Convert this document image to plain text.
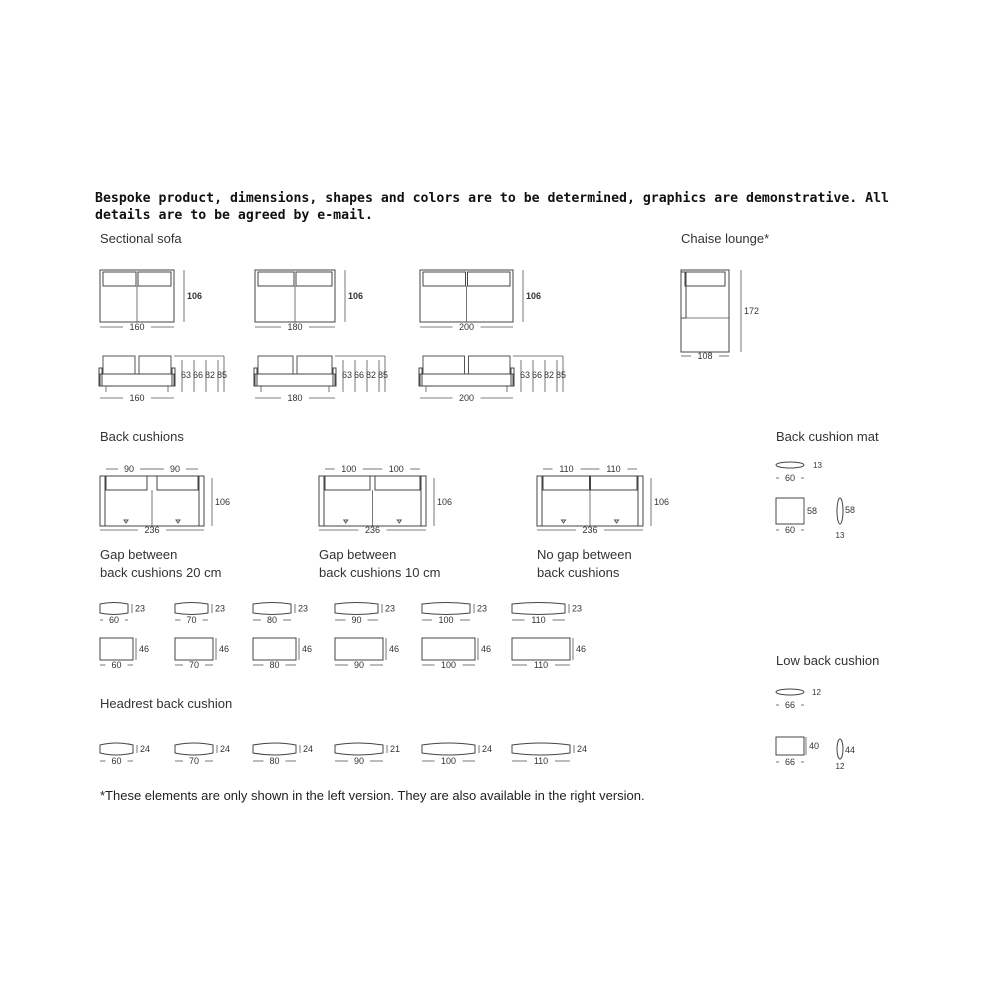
Bespoke product, dimensions, shapes and colors are to be determined, graphics are demonstrative. All details are to be agreed by e-mail.
Sectional sofa	Chaise lounge*
Back cushions	Back cushion mat
Low back cushion
Headrest back cushion
Gap between
back cushions 20 cm
Gap between
back cushions 10 cm
No gap between
back cushions
*These elements are only shown in the left version. They are also available in the right version.
160
106
180
106
200
106
63 66 82 85
160
63 66 82 85
180
63 66 82 85
200
108
172
90	90
236
106
100	100
236
106
110	110
236
106
13
60
58
60
58
13
12
66
40
66
44
12
23
60
23
70
23
80
23
90
23
100
23
110
46
60
46
70
46
80
46
90
46
100
46
110
24
60
24
70
24
80
21
90
24
100
24
110
